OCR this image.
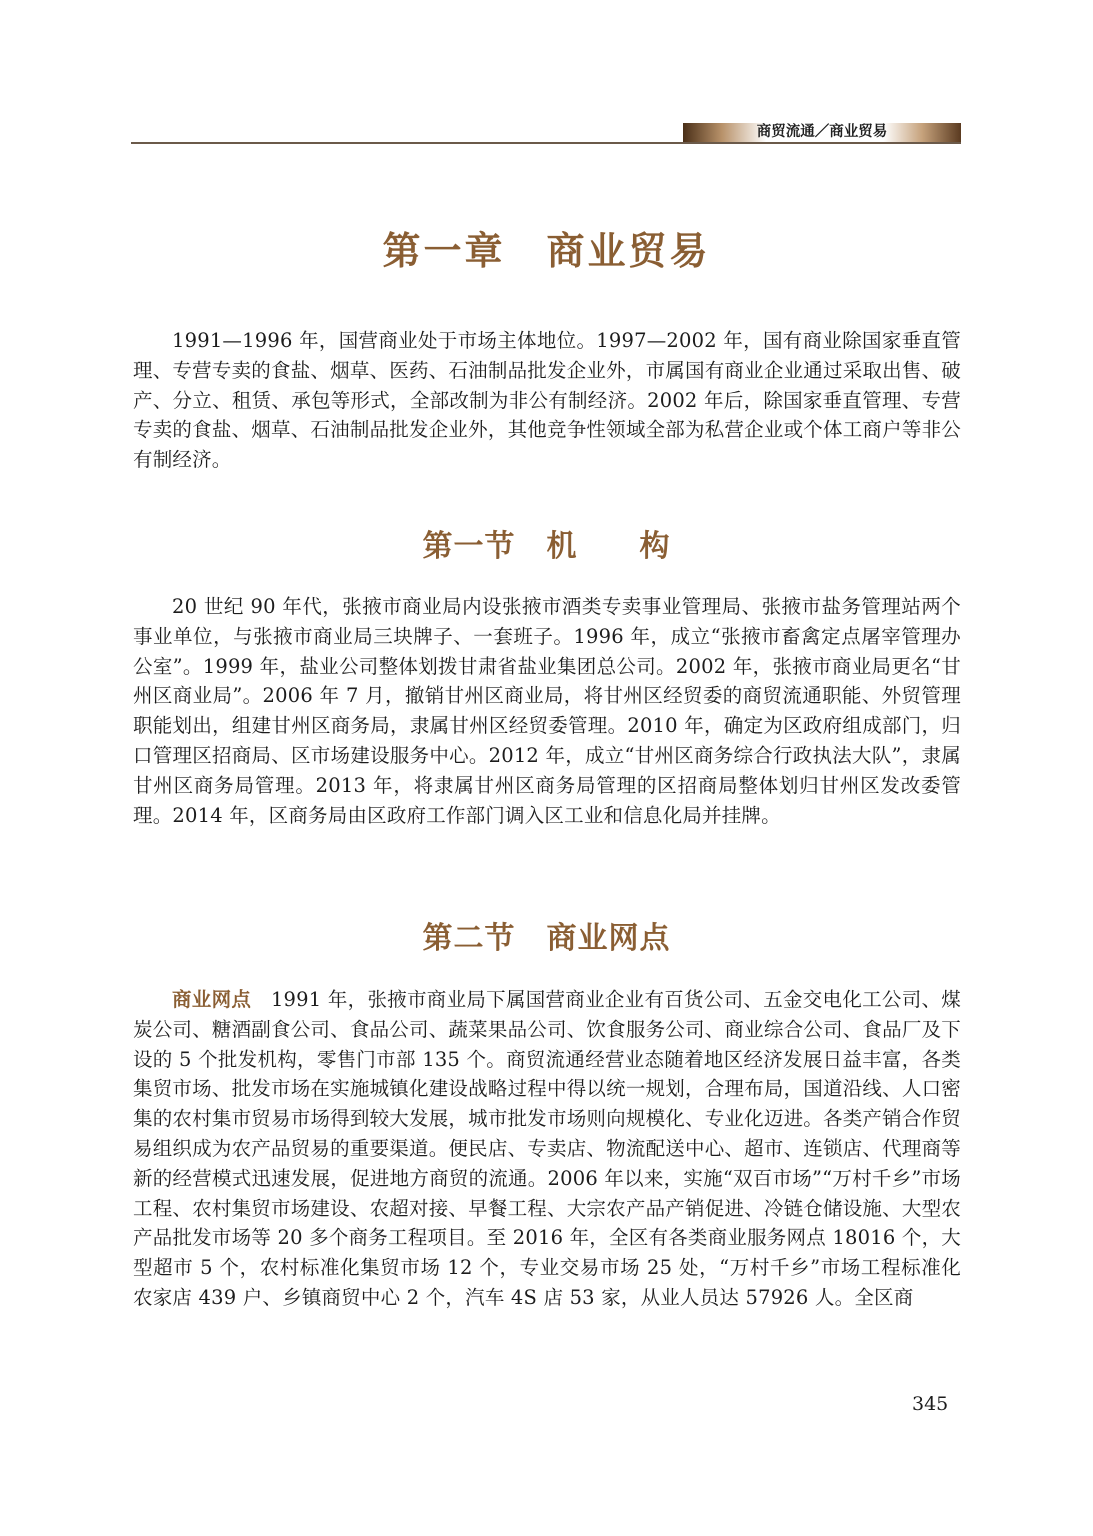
商贸流通／商业贸易
第一章　商业贸易

1991—1996 年，国营商业处于市场主体地位。1997—2002 年，国有商业除国家垂直管理、专营专卖的食盐、烟草、医药、石油制品批发企业外，市属国有商业企业通过采取出售、破产、分立、租赁、承包等形式，全部改制为非公有制经济。2002 年后，除国家垂直管理、专营专卖的食盐、烟草、石油制品批发企业外，其他竞争性领域全部为私营企业或个体工商户等非公有制经济。

第一节　机　　构

20 世纪 90 年代，张掖市商业局内设张掖市酒类专卖事业管理局、张掖市盐务管理站两个事业单位，与张掖市商业局三块牌子、一套班子。1996 年，成立“张掖市畜禽定点屠宰管理办公室”。1999 年，盐业公司整体划拨甘肃省盐业集团总公司。2002 年，张掖市商业局更名“甘州区商业局”。2006 年 7 月，撤销甘州区商业局，将甘州区经贸委的商贸流通职能、外贸管理职能划出，组建甘州区商务局，隶属甘州区经贸委管理。2010 年，确定为区政府组成部门，归口管理区招商局、区市场建设服务中心。2012 年，成立“甘州区商务综合行政执法大队”，隶属甘州区商务局管理。2013 年，将隶属甘州区商务局管理的区招商局整体划归甘州区发改委管理。2014 年，区商务局由区政府工作部门调入区工业和信息化局并挂牌。

第二节　商业网点

商业网点　 1991 年，张掖市商业局下属国营商业企业有百货公司、五金交电化工公司、煤炭公司、糖酒副食公司、食品公司、蔬菜果品公司、饮食服务公司、商业综合公司、食品厂及下设的 5 个批发机构，零售门市部 135 个。商贸流通经营业态随着地区经济发展日益丰富，各类集贸市场、批发市场在实施城镇化建设战略过程中得以统一规划，合理布局，国道沿线、人口密集的农村集市贸易市场得到较大发展，城市批发市场则向规模化、专业化迈进。各类产销合作贸易组织成为农产品贸易的重要渠道。便民店、专卖店、物流配送中心、超市、连锁店、代理商等新的经营模式迅速发展，促进地方商贸的流通。2006 年以来，实施“双百市场”“万村千乡”市场工程、农村集贸市场建设、农超对接、早餐工程、大宗农产品产销促进、冷链仓储设施、大型农产品批发市场等 20 多个商务工程项目。至 2016 年，全区有各类商业服务网点 18016 个，大型超市 5 个，农村标准化集贸市场 12 个，专业交易市场 25 处，“万村千乡”市场工程标准化农家店 439 户、乡镇商贸中心 2 个，汽车 4S 店 53 家，从业人员达 57926 人。全区商

345
